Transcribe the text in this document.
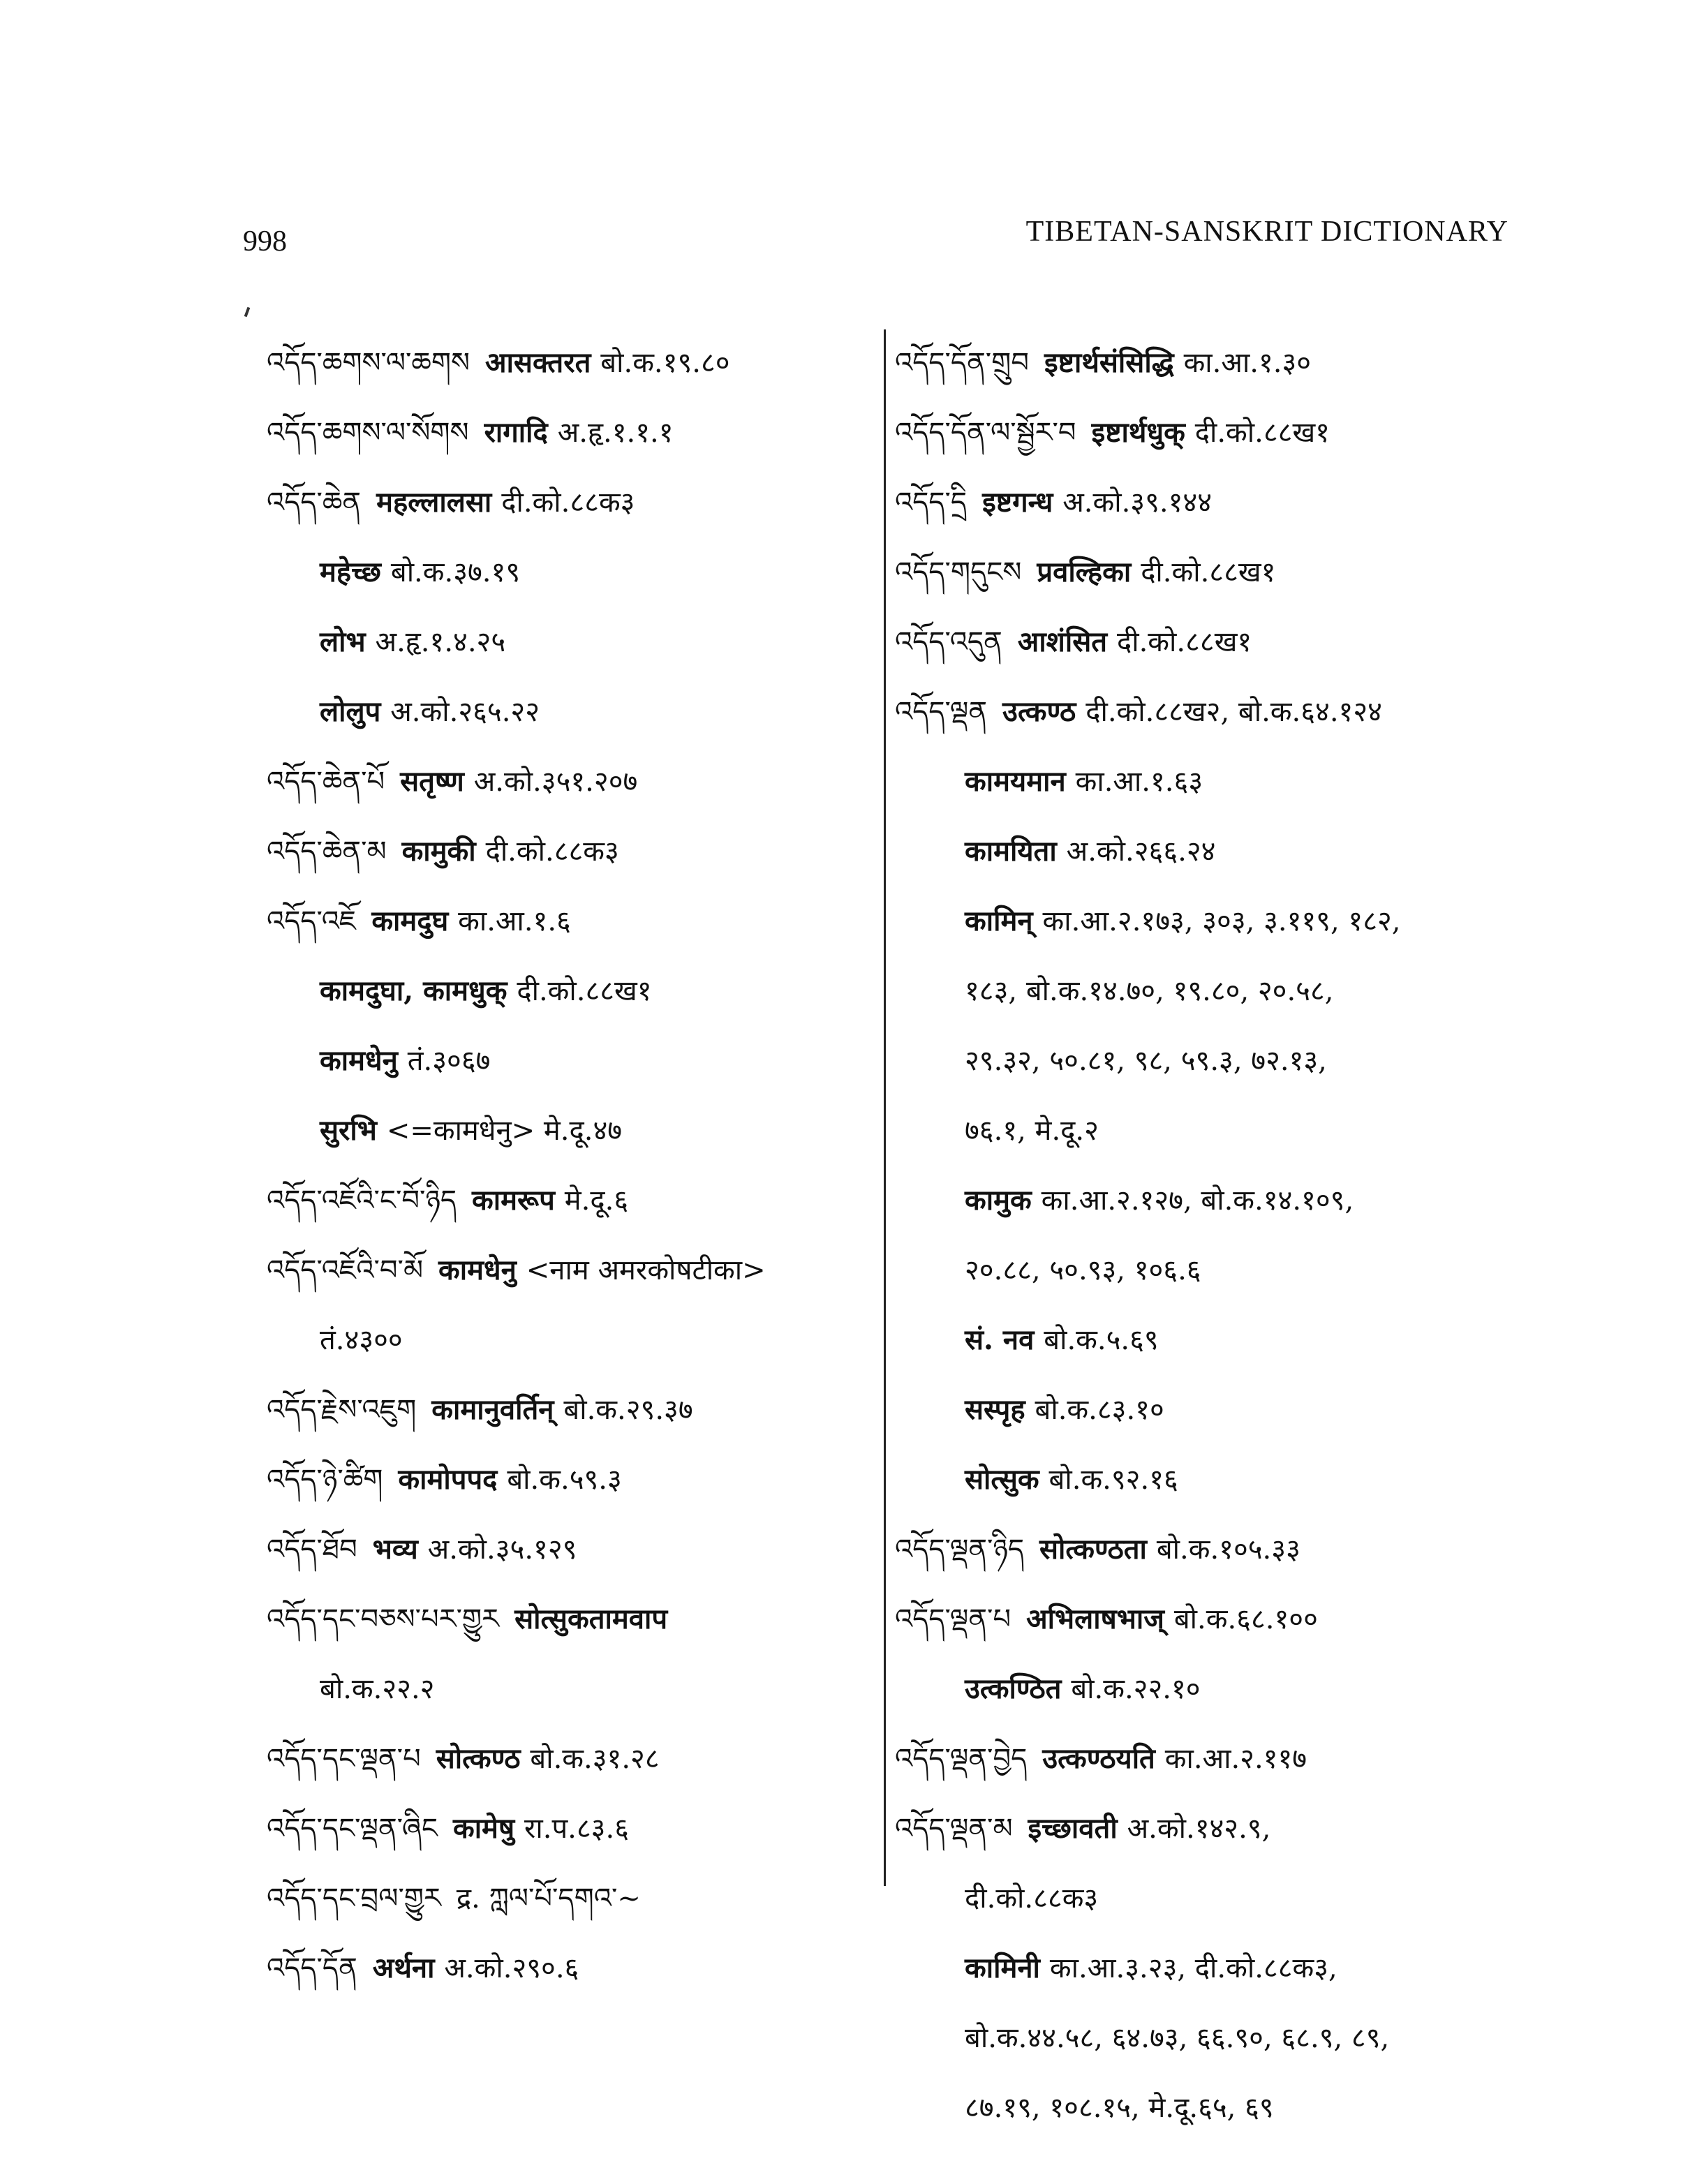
998	TIBETAN-SANSKRIT DICTIONARY
འདོད་ཆགས་ལ་ཆགས आसक्तरत बो.क.१९.८०
འདོད་ཆགས་ལ་སོགས रागादि अ.हृ.१.१.१
འདོད་ཆེན महल्लालसा दी.को.८८क३
महेच्छ बो.क.३७.१९
लोभ अ.हृ.१.४.२५
लोलुप अ.को.२६५.२२
འདོད་ཆེན་པོ सतृष्ण अ.को.३५१.२०७
འདོད་ཆེན་མ कामुकी दी.को.८८क३
འདོད་འཇོ कामदुघ का.आ.१.६
कामदुघा, कामधुक् दी.को.८८ख१
कामधेनु तं.३०६७
सुरभि <=कामधेनु> मे.दू.४७
འདོད་འཇོའི་ང་བོ་ཉིད कामरूप मे.दू.६
འདོད་འཇོའི་བ་མོ कामधेनु <नाम अमरकोषटीका>
तं.४३००
འདོད་རྗེས་འཇུག कामानुवर्तिन् बो.क.२९.३७
འདོད་ཉེ་ཚིག कामोपपद बो.क.५९.३
འདོད་ཐོབ भव्य अ.को.३५.१२९
འདོད་དང་བཅས་པར་གྱུར सोत्सुकतामवाप
बो.क.२२.२
འདོད་དང་ལྡན་པ सोत्कण्ठ बो.क.३१.२८
འདོད་དང་ལྡན་ཞིང कामेषु रा.प.८३.६
འདོད་དང་བྲལ་གྱུར द्र. ཀླལ་པོ་དགའ་~
འདོད་དོན अर्थना अ.को.२९०.६
འདོད་དོན་གྲུབ इष्टार्थसंसिद्धि का.आ.१.३०
འདོད་དོན་ལ་སྦྱོར་བ इष्टार्थधुक् दी.को.८८ख१
འདོད་དྲི इष्टगन्ध अ.को.३९.१४४
འདོད་གདུངས प्रवल्हिका दी.को.८८ख१
འདོད་འདུན आशंसित दी.को.८८ख१
འདོད་ལྡན उत्कण्ठ दी.को.८८ख२, बो.क.६४.१२४
कामयमान का.आ.१.६३
कामयिता अ.को.२६६.२४
कामिन् का.आ.२.१७३, ३०३, ३.११९, १८२,
१८३, बो.क.१४.७०, १९.८०, २०.५८,
२९.३२, ५०.८१, ९८, ५९.३, ७२.१३,
७६.१, मे.दू.२
कामुक का.आ.२.१२७, बो.क.१४.१०९,
२०.८८, ५०.९३, १०६.६
सं. नव बो.क.५.६९
सस्पृह बो.क.८३.१०
सोत्सुक बो.क.९२.१६
འདོད་ལྡན་ཉིད सोत्कण्ठता बो.क.१०५.३३
འདོད་ལྡན་པ अभिलाषभाज् बो.क.६८.१००
उत्कण्ठित बो.क.२२.१०
འདོད་ལྡན་བྱེད उत्कण्ठयति का.आ.२.११७
འདོད་ལྡན་མ इच्छावती अ.को.१४२.९,
दी.को.८८क३
कामिनी का.आ.३.२३, दी.को.८८क३,
बो.क.४४.५८, ६४.७३, ६६.९०, ६८.९, ८९,
८७.१९, १०८.१५, मे.दू.६५, ६९
